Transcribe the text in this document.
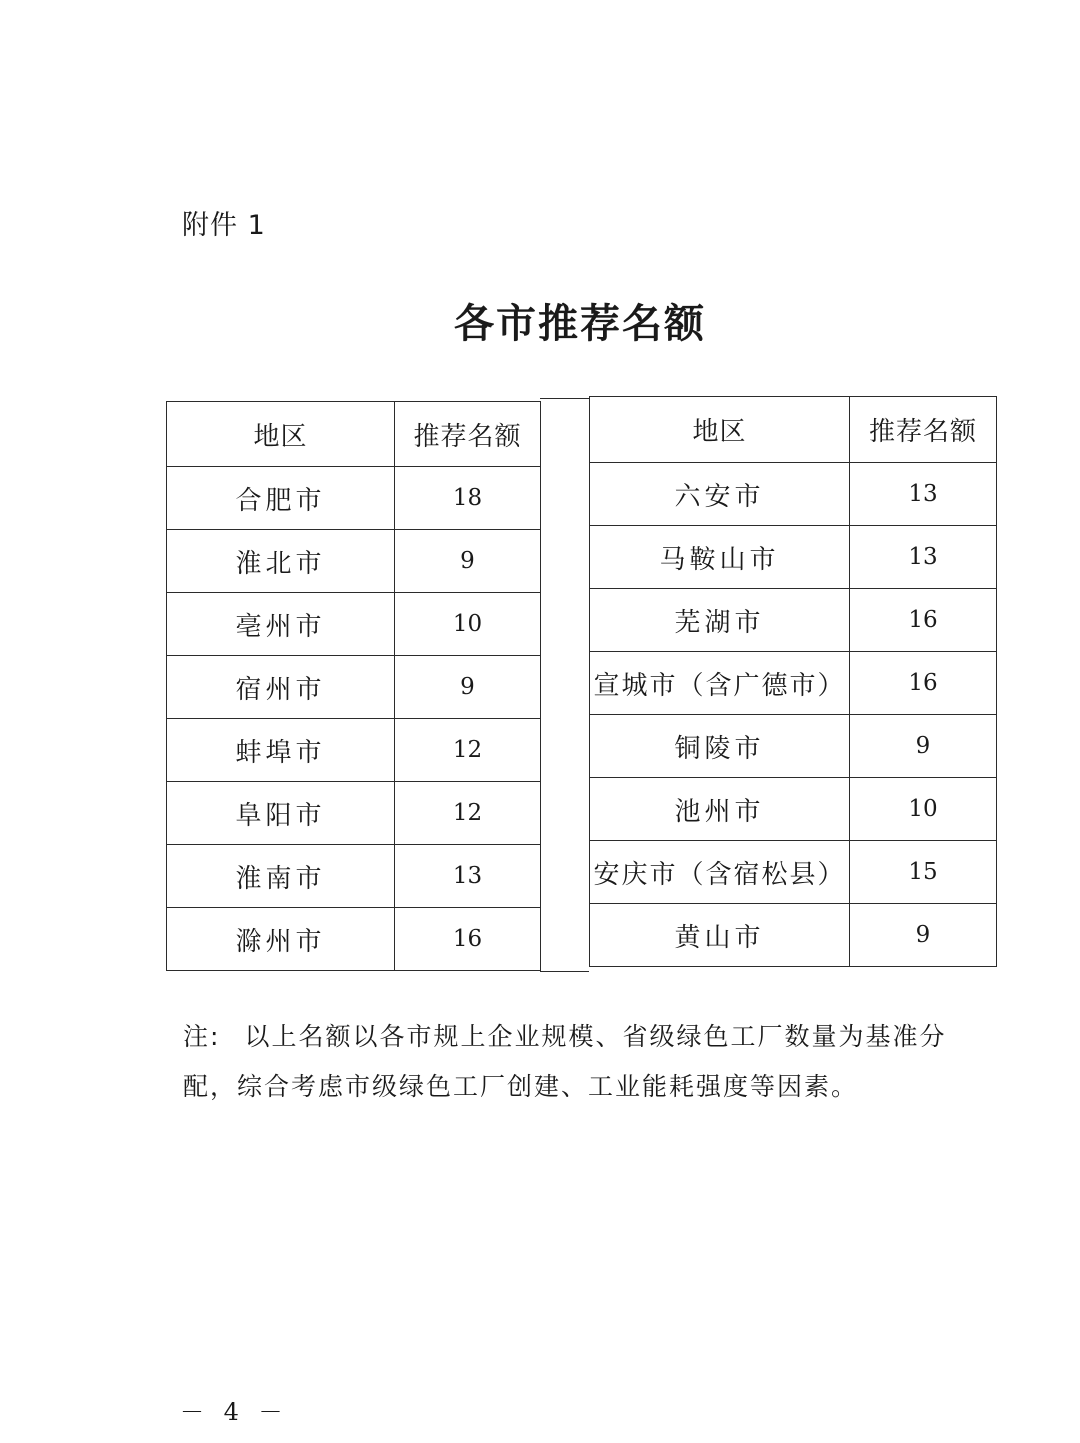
附件 1
各市推荐名额
地区	推荐名额
合肥市	18
淮北市	9
亳州市	10
宿州市	9
蚌埠市	12
阜阳市	12
淮南市	13
滁州市	16
地区	推荐名额
六安市	13
马鞍山市	13
芜湖市	16
宣城市（含广德市）	16
铜陵市	9
池州市	10
安庆市（含宿松县）	15
黄山市	9
注: 以上名额以各市规上企业规模、省级绿色工厂数量为基准分配，综合考虑市级绿色工厂创建、工业能耗强度等因素。
－ 4 －
